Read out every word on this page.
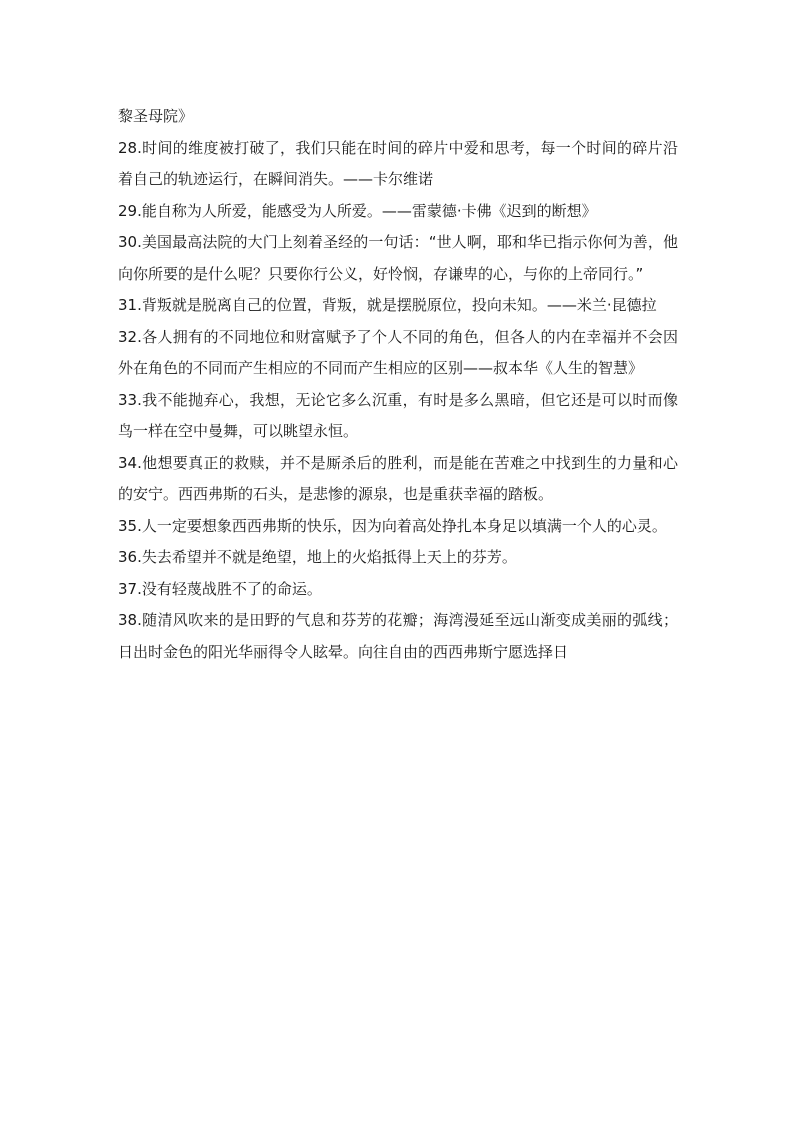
黎圣母院》

28.时间的维度被打破了，我们只能在时间的碎片中爱和思考，每一个时间的碎片沿着自己的轨迹运行，在瞬间消失。——卡尔维诺

29.能自称为人所爱，能感受为人所爱。——雷蒙德·卡佛《迟到的断想》

30.美国最高法院的大门上刻着圣经的一句话：“世人啊，耶和华已指示你何为善，他向你所要的是什么呢？只要你行公义，好怜悯，存谦卑的心，与你的上帝同行。”

31.背叛就是脱离自己的位置，背叛，就是摆脱原位，投向未知。——米兰·昆德拉

32.各人拥有的不同地位和财富赋予了个人不同的角色，但各人的内在幸福并不会因外在角色的不同而产生相应的不同而产生相应的区别——叔本华《人生的智慧》

33.我不能抛弃心，我想，无论它多么沉重，有时是多么黑暗，但它还是可以时而像鸟一样在空中曼舞，可以眺望永恒。

34.他想要真正的救赎，并不是厮杀后的胜利，而是能在苦难之中找到生的力量和心的安宁。西西弗斯的石头，是悲惨的源泉，也是重获幸福的踏板。

35.人一定要想象西西弗斯的快乐，因为向着高处挣扎本身足以填满一个人的心灵。

36.失去希望并不就是绝望，地上的火焰抵得上天上的芬芳。

37.没有轻蔑战胜不了的命运。

38.随清风吹来的是田野的气息和芬芳的花瓣；海湾漫延至远山渐变成美丽的弧线；日出时金色的阳光华丽得令人眩晕。向往自由的西西弗斯宁愿选择日
